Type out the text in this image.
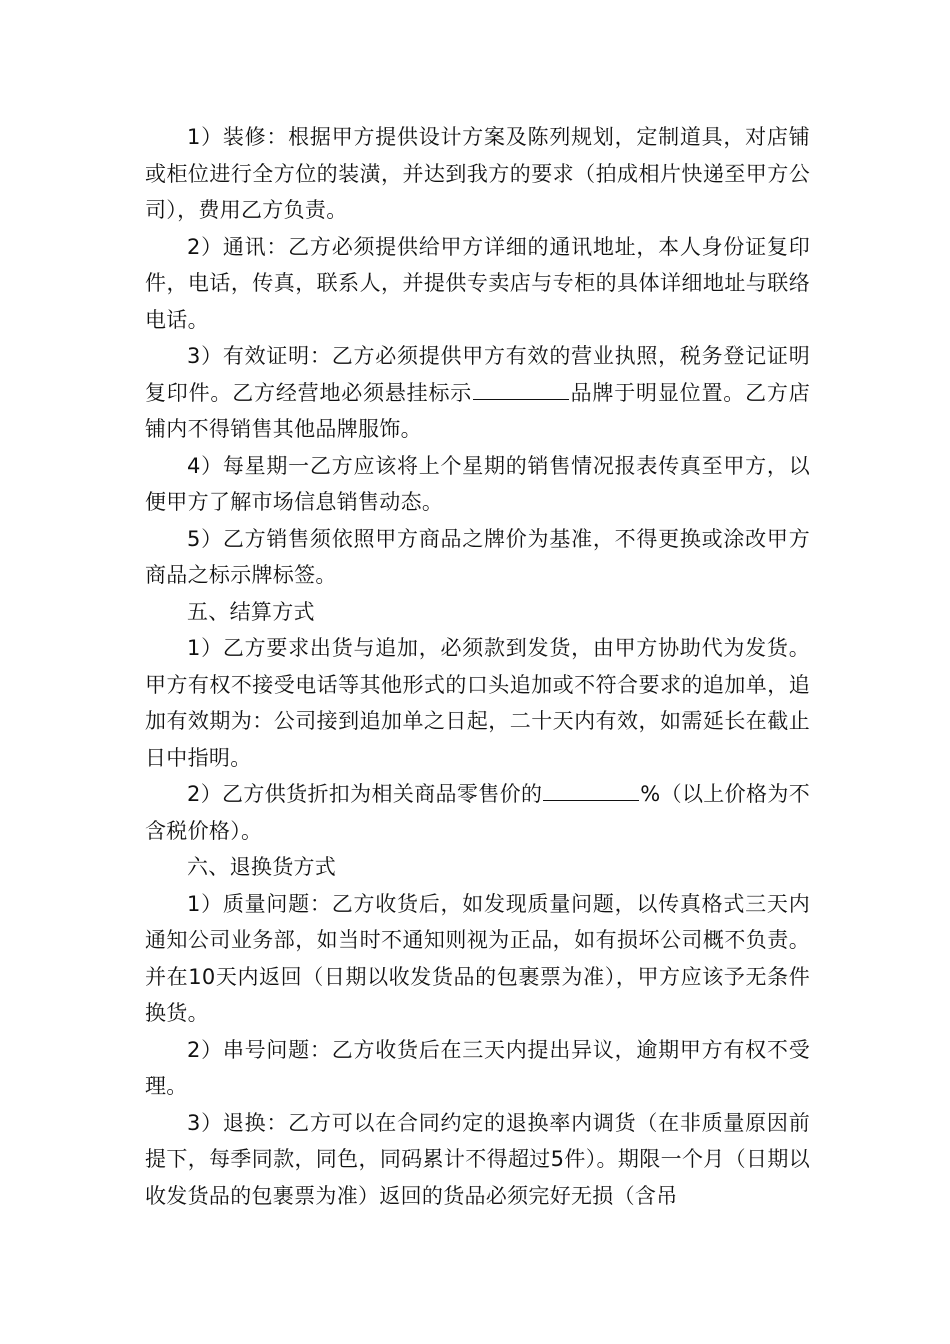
1）装修：根据甲方提供设计方案及陈列规划，定制道具，对店铺或柜位进行全方位的装潢，并达到我方的要求（拍成相片快递至甲方公司），费用乙方负责。

2）通讯：乙方必须提供给甲方详细的通讯地址，本人身份证复印件，电话，传真，联系人，并提供专卖店与专柜的具体详细地址与联络电话。

3）有效证明：乙方必须提供甲方有效的营业执照，税务登记证明复印件。乙方经营地必须悬挂标示	品牌于明显位置。乙方店铺内不得销售其他品牌服饰。

4）每星期一乙方应该将上个星期的销售情况报表传真至甲方，以便甲方了解市场信息销售动态。

5）乙方销售须依照甲方商品之牌价为基准，不得更换或涂改甲方商品之标示牌标签。

五、结算方式

1）乙方要求出货与追加，必须款到发货，由甲方协助代为发货。甲方有权不接受电话等其他形式的口头追加或不符合要求的追加单，追加有效期为：公司接到追加单之日起，二十天内有效，如需延长在截止日中指明。

2）乙方供货折扣为相关商品零售价的	%（以上价格为不含税价格）。

六、退换货方式

1）质量问题：乙方收货后，如发现质量问题，以传真格式三天内通知公司业务部，如当时不通知则视为正品，如有损坏公司概不负责。并在10天内返回（日期以收发货品的包裹票为准），甲方应该予无条件换货。

2）串号问题：乙方收货后在三天内提出异议，逾期甲方有权不受理。

3）退换：乙方可以在合同约定的退换率内调货（在非质量原因前提下，每季同款，同色，同码累计不得超过5件）。期限一个月（日期以收发货品的包裹票为准）返回的货品必须完好无损（含吊
